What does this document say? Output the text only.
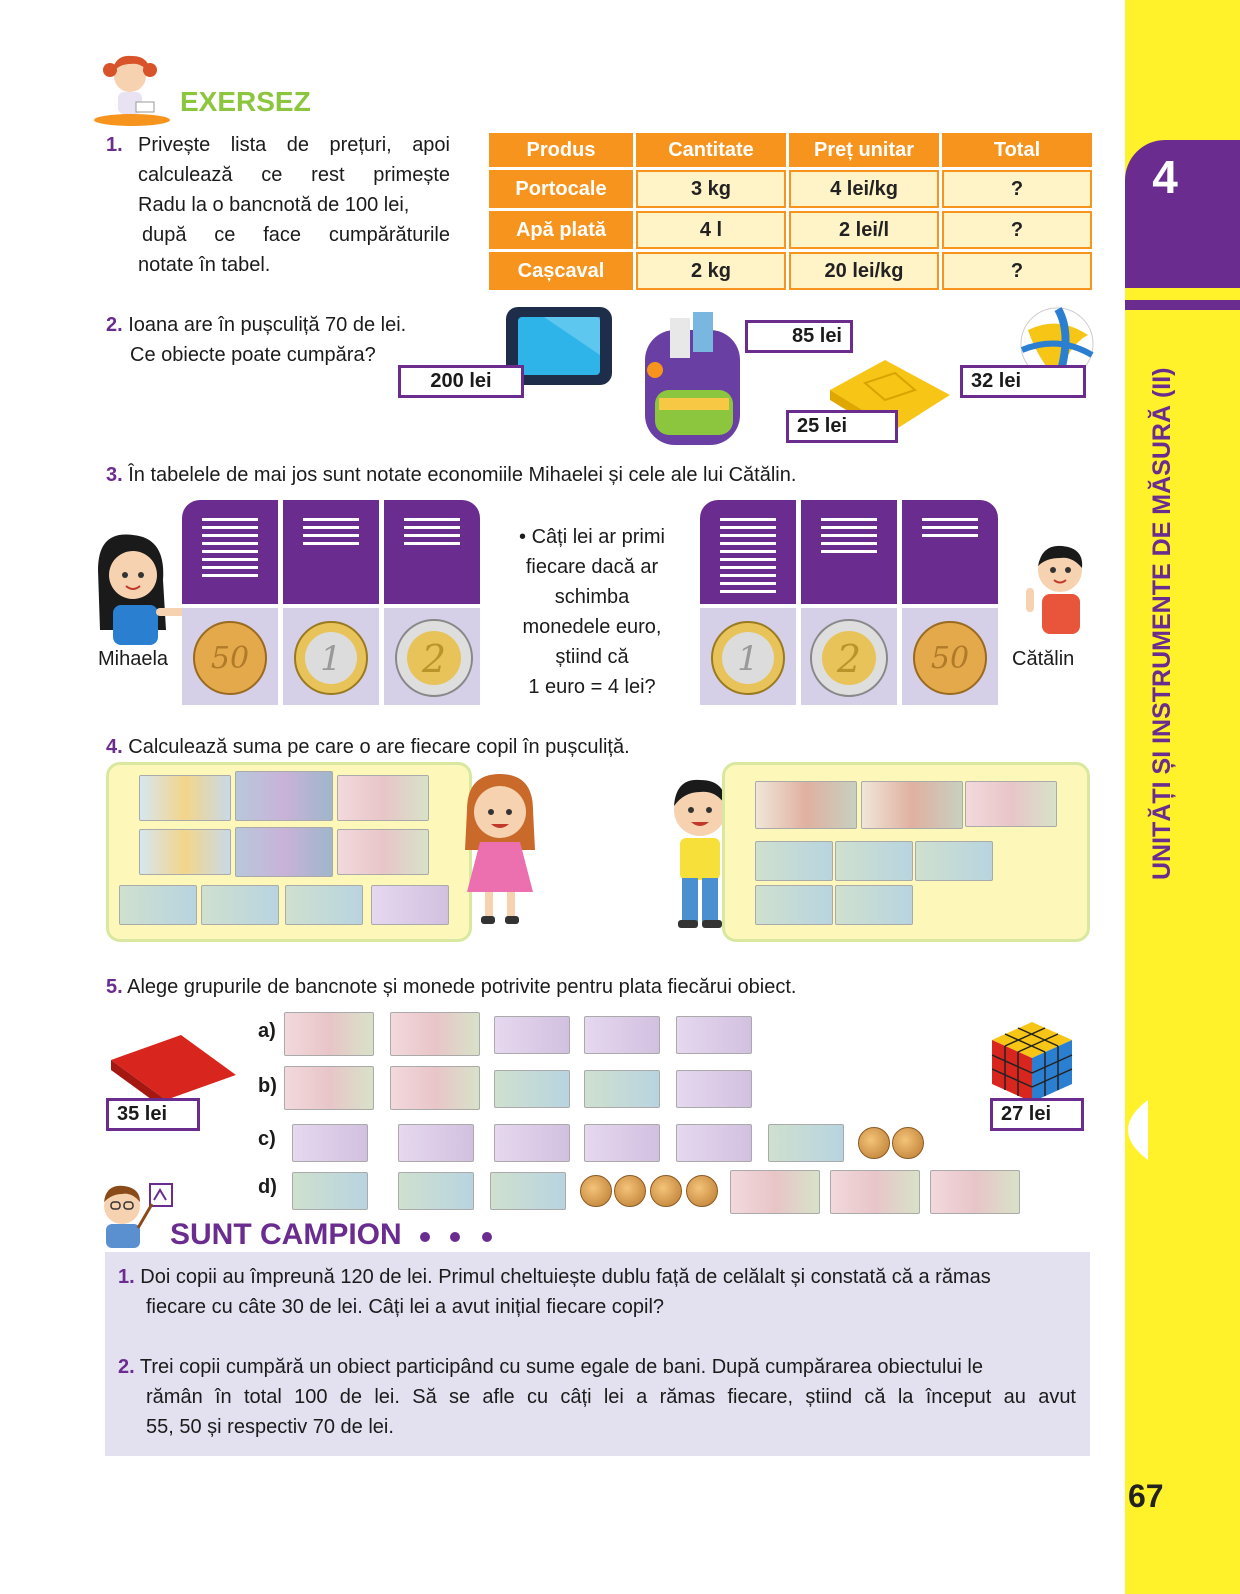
4
UNITĂȚI ȘI INSTRUMENTE DE MĂSURĂ (II)
67
EXERSEZ
1. Privește lista de prețuri, apoi
calculează ce rest primește
Radu la o bancnotă de 100 lei,
după ce face cumpărăturile
notate în tabel.
Produs	Cantitate	Preț unitar	Total
Portocale	3 kg	4 lei/kg	?
Apă plată	4 l	2 lei/l	?
Cașcaval	2 kg	20 lei/kg	?
2. Ioana are în pușculiță 70 de lei.
Ce obiecte poate cumpăra?
200 lei
85 lei
25 lei
32 lei
3. În tabelele de mai jos sunt notate economiile Mihaelei și cele ale lui Cătălin.
Mihaela 50 1 2
• Câți lei ar primi
fiecare dacă ar
schimba
monedele euro,
știind că
1 euro = 4 lei?
1 2 50 Cătălin
4. Calculează suma pe care o are fiecare copil în pușculiță.
5. Alege grupurile de bancnote și monede potrivite pentru plata fiecărui obiect.
35 lei	27 lei
a)
b)
c)
d)
SUNT CAMPION
1. Doi copii au împreună 120 de lei. Primul cheltuiește dublu față de celălalt și constată că a rămas
fiecare cu câte 30 de lei. Câți lei a avut inițial fiecare copil?
2. Trei copii cumpără un obiect participând cu sume egale de bani. După cumpărarea obiectului le
rămân în total 100 de lei. Să se afle cu câți lei a rămas fiecare, știind că la început au avut
55, 50 și respectiv 70 de lei.
